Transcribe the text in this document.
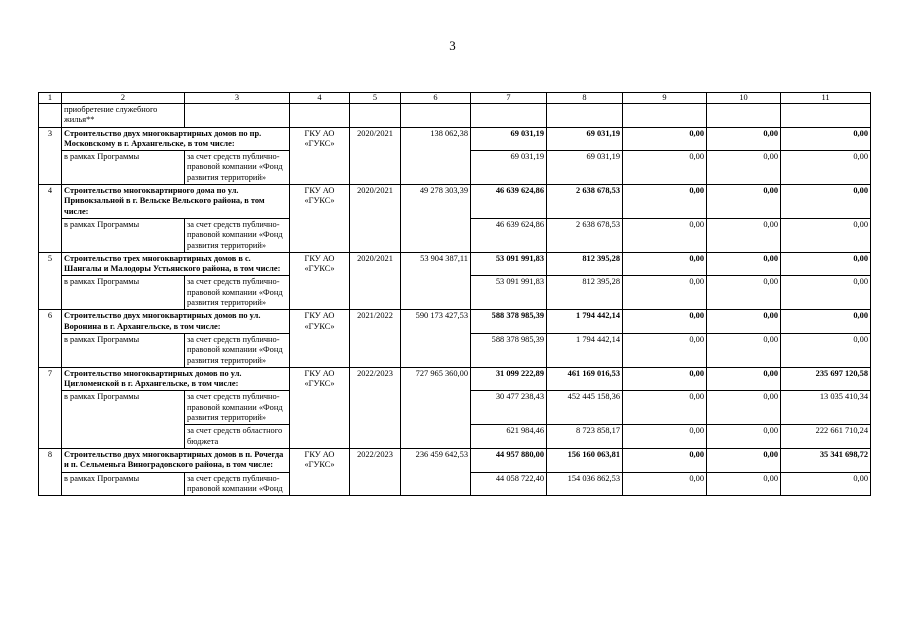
3
1	2	3	4	5	6	7	8	9	10	11
	приобретение служебного жилья**									
3	Строительство двух многоквартирных домов по пр. Московскому в г. Архангельске, в том числе:		ГКУ АО «ГУКС»	2020/2021	138 062,38	69 031,19	69 031,19	0,00	0,00	0,00
	в рамках Программы	за счет средств публично-правовой компании «Фонд развития территорий»				69 031,19	69 031,19	0,00	0,00	0,00
4	Строительство многоквартирного дома по ул. Привокзальной в г. Вельске Вельского района, в том числе:		ГКУ АО «ГУКС»	2020/2021	49 278 303,39	46 639 624,86	2 638 678,53	0,00	0,00	0,00
	в рамках Программы	за счет средств публично-правовой компании «Фонд развития территорий»				46 639 624,86	2 638 678,53	0,00	0,00	0,00
5	Строительство трех многоквартирных домов в с. Шангалы и Малодоры Устьянского района, в том числе:		ГКУ АО «ГУКС»	2020/2021	53 904 387,11	53 091 991,83	812 395,28	0,00	0,00	0,00
	в рамках Программы	за счет средств публично-правовой компании «Фонд развития территорий»				53 091 991,83	812 395,28	0,00	0,00	0,00
6	Строительство двух многоквартирных домов по ул. Воронина в г. Архангельске, в том числе:		ГКУ АО «ГУКС»	2021/2022	590 173 427,53	588 378 985,39	1 794 442,14	0,00	0,00	0,00
	в рамках Программы	за счет средств публично-правовой компании «Фонд развития территорий»				588 378 985,39	1 794 442,14	0,00	0,00	0,00
7	Строительство многоквартирных домов по ул. Цигломенской в г. Архангельске, в том числе:		ГКУ АО «ГУКС»	2022/2023	727 965 360,00	31 099 222,89	461 169 016,53	0,00	0,00	235 697 120,58
	в рамках Программы	за счет средств публично-правовой компании «Фонд развития территорий»				30 477 238,43	452 445 158,36	0,00	0,00	13 035 410,34
		за счет средств областного бюджета				621 984,46	8 723 858,17	0,00	0,00	222 661 710,24
8	Строительство двух многоквартирных домов в п. Рочегда и п. Сельменьга Виноградовского района, в том числе:		ГКУ АО «ГУКС»	2022/2023	236 459 642,53	44 957 880,00	156 160 063,81	0,00	0,00	35 341 698,72
	в рамках Программы	за счет средств публично-правовой компании «Фонд				44 058 722,40	154 036 862,53	0,00	0,00	0,00
